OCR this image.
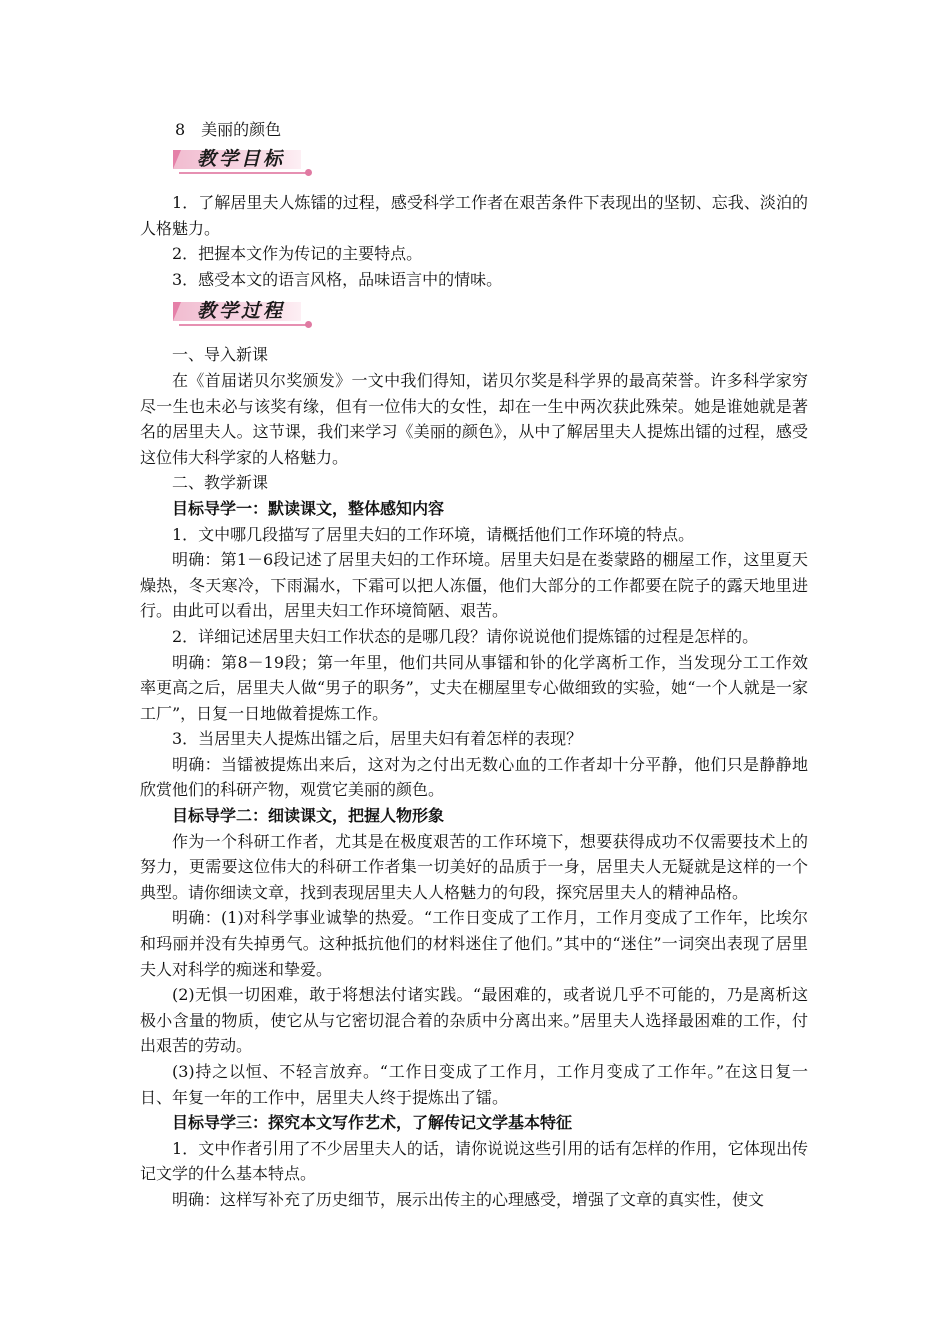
8　美丽的颜色
教学目标

1．了解居里夫人炼镭的过程，感受科学工作者在艰苦条件下表现出的坚韧、忘我、淡泊的人格魅力。

2．把握本文作为传记的主要特点。

3．感受本文的语言风格，品味语言中的情味。

教学过程

一、导入新课

在《首届诺贝尔奖颁发》一文中我们得知，诺贝尔奖是科学界的最高荣誉。许多科学家穷尽一生也未必与该奖有缘，但有一位伟大的女性，却在一生中两次获此殊荣。她是谁她就是著名的居里夫人。这节课，我们来学习《美丽的颜色》，从中了解居里夫人提炼出镭的过程，感受这位伟大科学家的人格魅力。

二、教学新课

目标导学一：默读课文，整体感知内容

1．文中哪几段描写了居里夫妇的工作环境，请概括他们工作环境的特点。

明确：第1－6段记述了居里夫妇的工作环境。居里夫妇是在娄蒙路的棚屋工作，这里夏天燥热，冬天寒冷，下雨漏水，下霜可以把人冻僵，他们大部分的工作都要在院子的露天地里进行。由此可以看出，居里夫妇工作环境简陋、艰苦。

2．详细记述居里夫妇工作状态的是哪几段？请你说说他们提炼镭的过程是怎样的。

明确：第8－19段；第一年里，他们共同从事镭和钋的化学离析工作，当发现分工工作效率更高之后，居里夫人做“男子的职务”，丈夫在棚屋里专心做细致的实验，她“一个人就是一家工厂”，日复一日地做着提炼工作。

3．当居里夫人提炼出镭之后，居里夫妇有着怎样的表现？

明确：当镭被提炼出来后，这对为之付出无数心血的工作者却十分平静，他们只是静静地欣赏他们的科研产物，观赏它美丽的颜色。

目标导学二：细读课文，把握人物形象

作为一个科研工作者，尤其是在极度艰苦的工作环境下，想要获得成功不仅需要技术上的努力，更需要这位伟大的科研工作者集一切美好的品质于一身，居里夫人无疑就是这样的一个典型。请你细读文章，找到表现居里夫人人格魅力的句段，探究居里夫人的精神品格。

明确：(1)对科学事业诚挚的热爱。“工作日变成了工作月，工作月变成了工作年，比埃尔和玛丽并没有失掉勇气。这种抵抗他们的材料迷住了他们。”其中的“迷住”一词突出表现了居里夫人对科学的痴迷和挚爱。

(2)无惧一切困难，敢于将想法付诸实践。“最困难的，或者说几乎不可能的，乃是离析这极小含量的物质，使它从与它密切混合着的杂质中分离出来。”居里夫人选择最困难的工作，付出艰苦的劳动。

(3)持之以恒、不轻言放弃。“工作日变成了工作月，工作月变成了工作年。”在这日复一日、年复一年的工作中，居里夫人终于提炼出了镭。

目标导学三：探究本文写作艺术，了解传记文学基本特征

1．文中作者引用了不少居里夫人的话，请你说说这些引用的话有怎样的作用，它体现出传记文学的什么基本特点。

明确：这样写补充了历史细节，展示出传主的心理感受，增强了文章的真实性，使文
